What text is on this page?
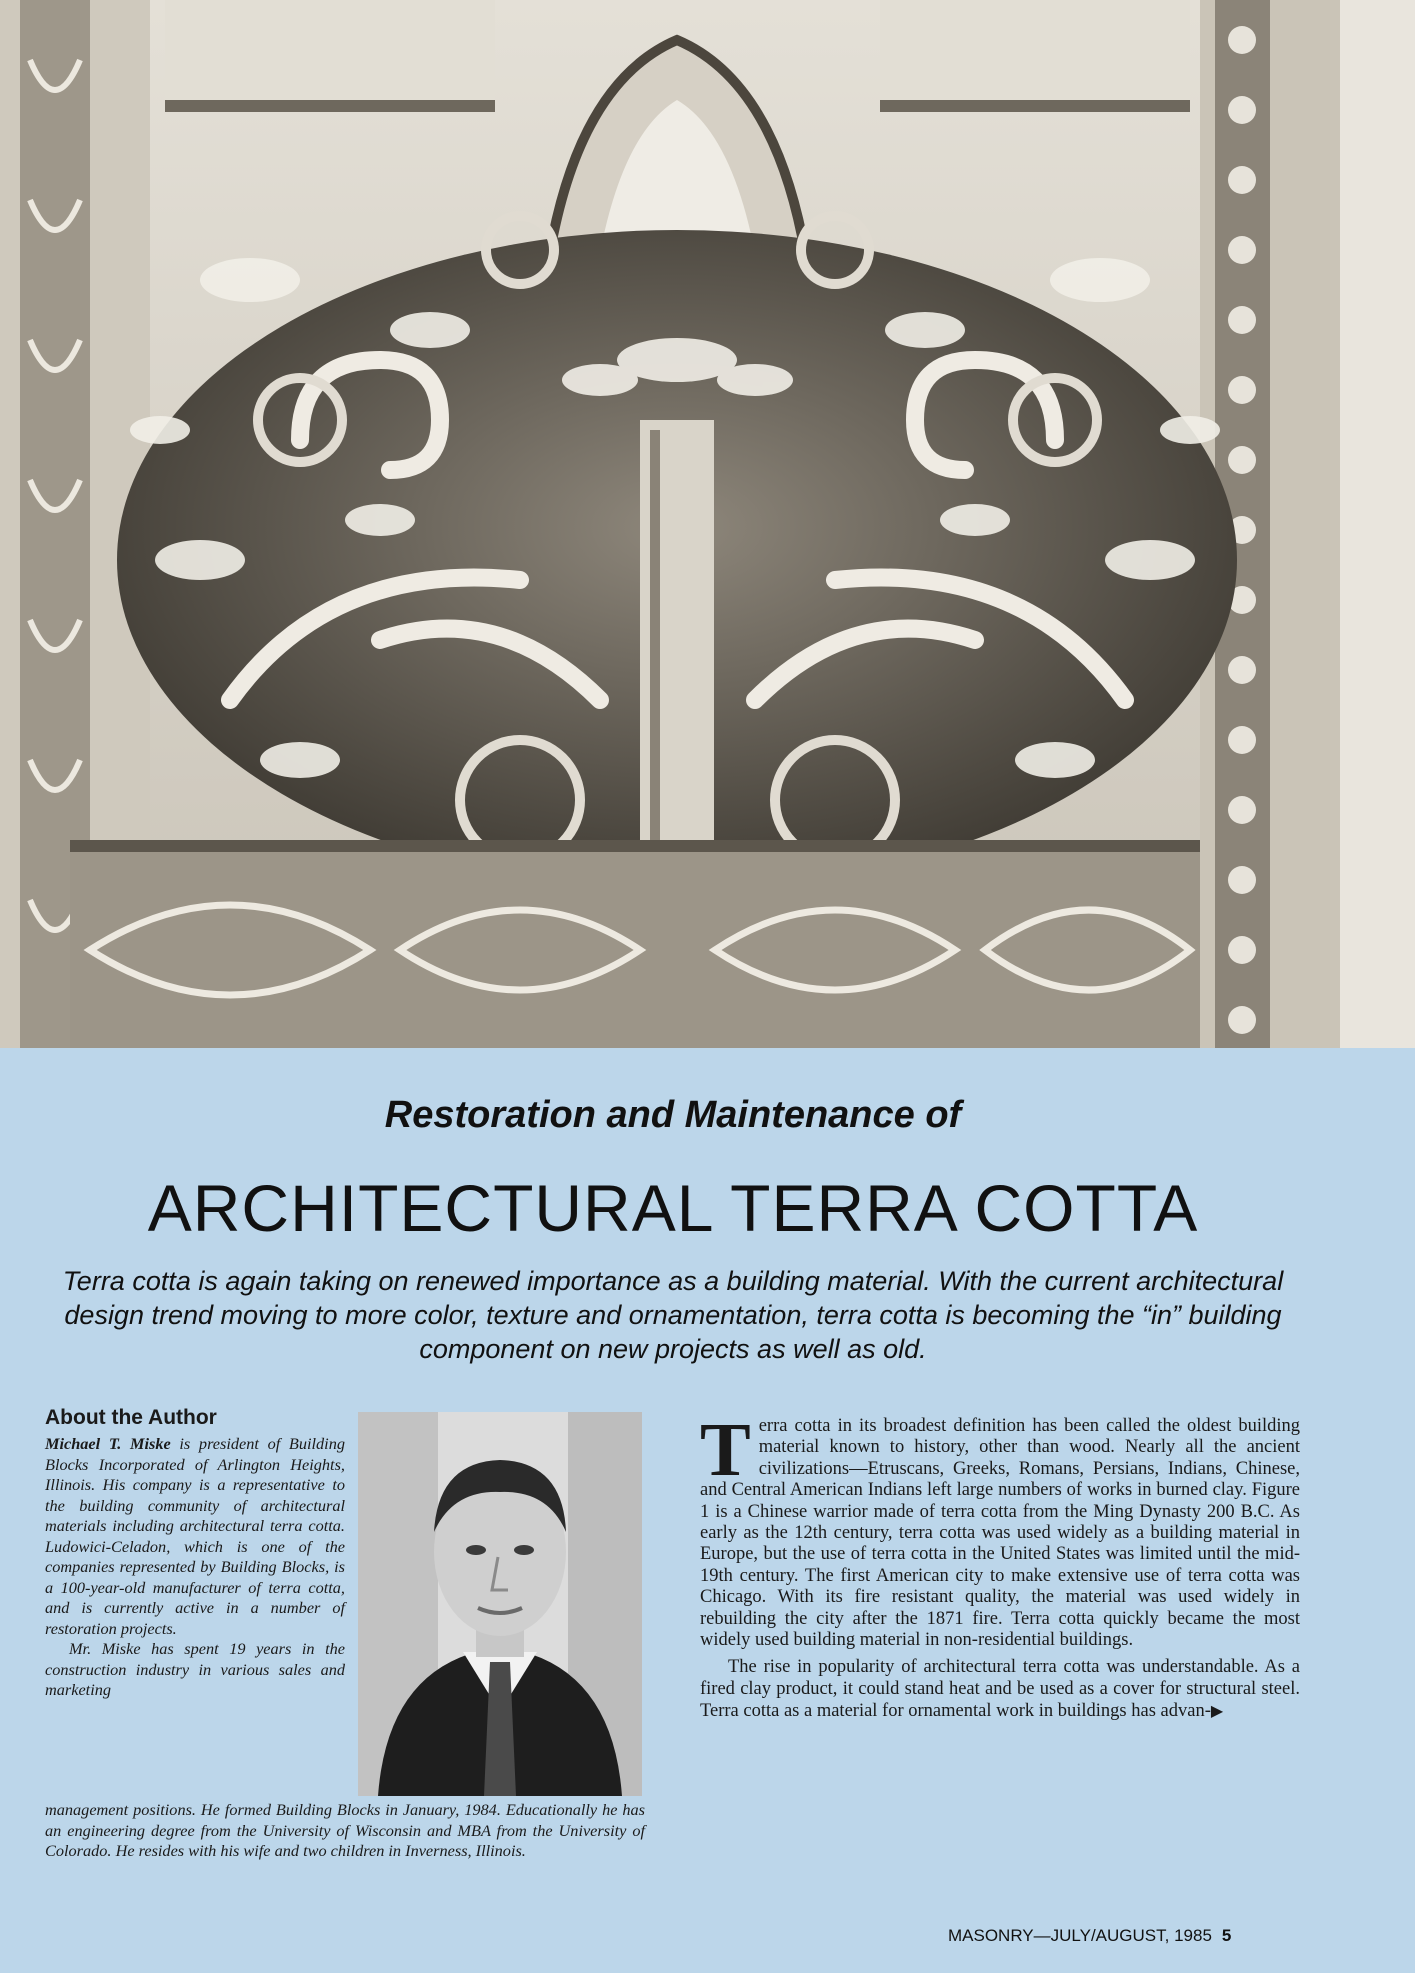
Restoration and Maintenance of
ARCHITECTURAL TERRA COTTA
Terra cotta is again taking on renewed importance as a building material. With the current architectural design trend moving to more color, texture and ornamentation, terra cotta is becoming the “in” building component on new projects as well as old.
About the Author

Michael T. Miske is president of Building Blocks Incorporated of Arlington Heights, Illinois. His company is a representative to the building community of architectural materials including architectural terra cotta. Ludowici-Celadon, which is one of the companies represented by Building Blocks, is a 100-year-old manufacturer of terra cotta, and is currently active in a number of restoration projects.

Mr. Miske has spent 19 years in the construction industry in various sales and marketing

management positions. He formed Building Blocks in January, 1984. Educationally he has an engineering degree from the University of Wisconsin and MBA from the University of Colorado. He resides with his wife and two children in Inverness, Illinois.

Terra cotta in its broadest definition has been called the oldest building material known to history, other than wood. Nearly all the ancient civilizations—Etruscans, Greeks, Romans, Persians, Indians, Chinese, and Central American Indians left large numbers of works in burned clay. Figure 1 is a Chinese warrior made of terra cotta from the Ming Dynasty 200 B.C. As early as the 12th century, terra cotta was used widely as a building material in Europe, but the use of terra cotta in the United States was limited until the mid-19th century. The first American city to make extensive use of terra cotta was Chicago. With its fire resistant quality, the material was used widely in rebuilding the city after the 1871 fire. Terra cotta quickly became the most widely used building material in non-residential buildings.

The rise in popularity of architectural terra cotta was understandable. As a fired clay product, it could stand heat and be used as a cover for structural steel. Terra cotta as a material for ornamental work in buildings has advan-▶

MASONRY—JULY/AUGUST, 1985 5
